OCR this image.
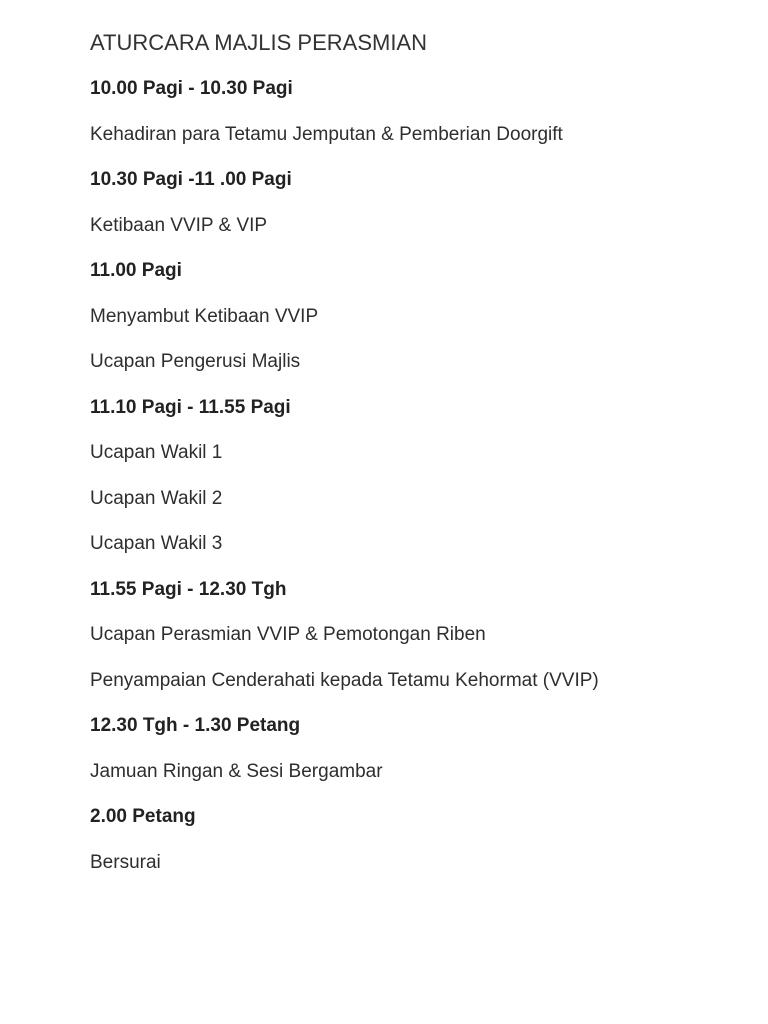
ATURCARA MAJLIS PERASMIAN

10.00 Pagi - 10.30 Pagi

Kehadiran para Tetamu Jemputan & Pemberian Doorgift

10.30 Pagi -11 .00 Pagi

Ketibaan VVIP & VIP

11.00 Pagi

Menyambut Ketibaan VVIP

Ucapan Pengerusi Majlis

11.10 Pagi - 11.55 Pagi

Ucapan Wakil 1

Ucapan Wakil 2

Ucapan Wakil 3

11.55 Pagi - 12.30 Tgh

Ucapan Perasmian VVIP & Pemotongan Riben

Penyampaian Cenderahati kepada Tetamu Kehormat (VVIP)

12.30 Tgh - 1.30 Petang

Jamuan Ringan & Sesi Bergambar

2.00 Petang

Bersurai
